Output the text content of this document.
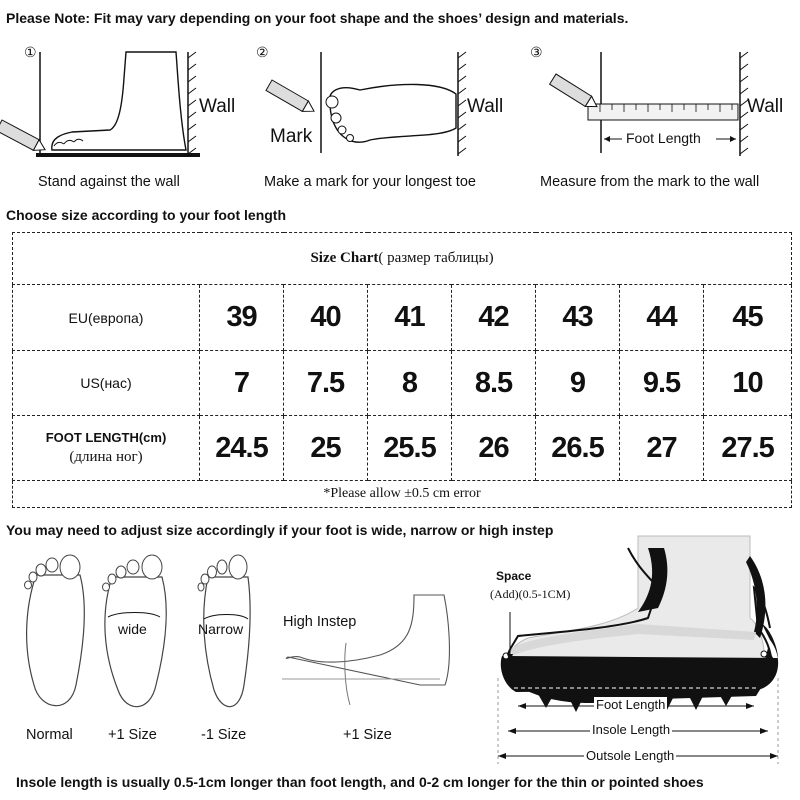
Please Note: Fit may vary depending on your foot shape and the shoes’ design and materials.
①	②	③
Wall	Wall	Wall
Mark	Foot Length
Stand against the wall	Make a mark for your longest toe	Measure from the mark to the wall
Choose size according to your foot length
Size Chart( размер таблицы)							
EU(европа)	39	40	41	42	43	44	45
US(нас)	7	7.5	8	8.5	9	9.5	10

FOOT LENGTH(cm)
(длина ног)	24.5	25	25.5	26	26.5	27	27.5
*Please allow ±0.5 cm error							
You may need to adjust size accordingly if your foot is wide, narrow or high instep
wide	Narrow	High Instep
Normal +1 Size	-1 Size	+1 Size
Space
(Add)(0.5-1CM)
Foot Length
Insole Length
Outsole Length
Insole length is usually 0.5-1cm longer than foot length, and 0-2 cm longer for the thin or pointed shoes
